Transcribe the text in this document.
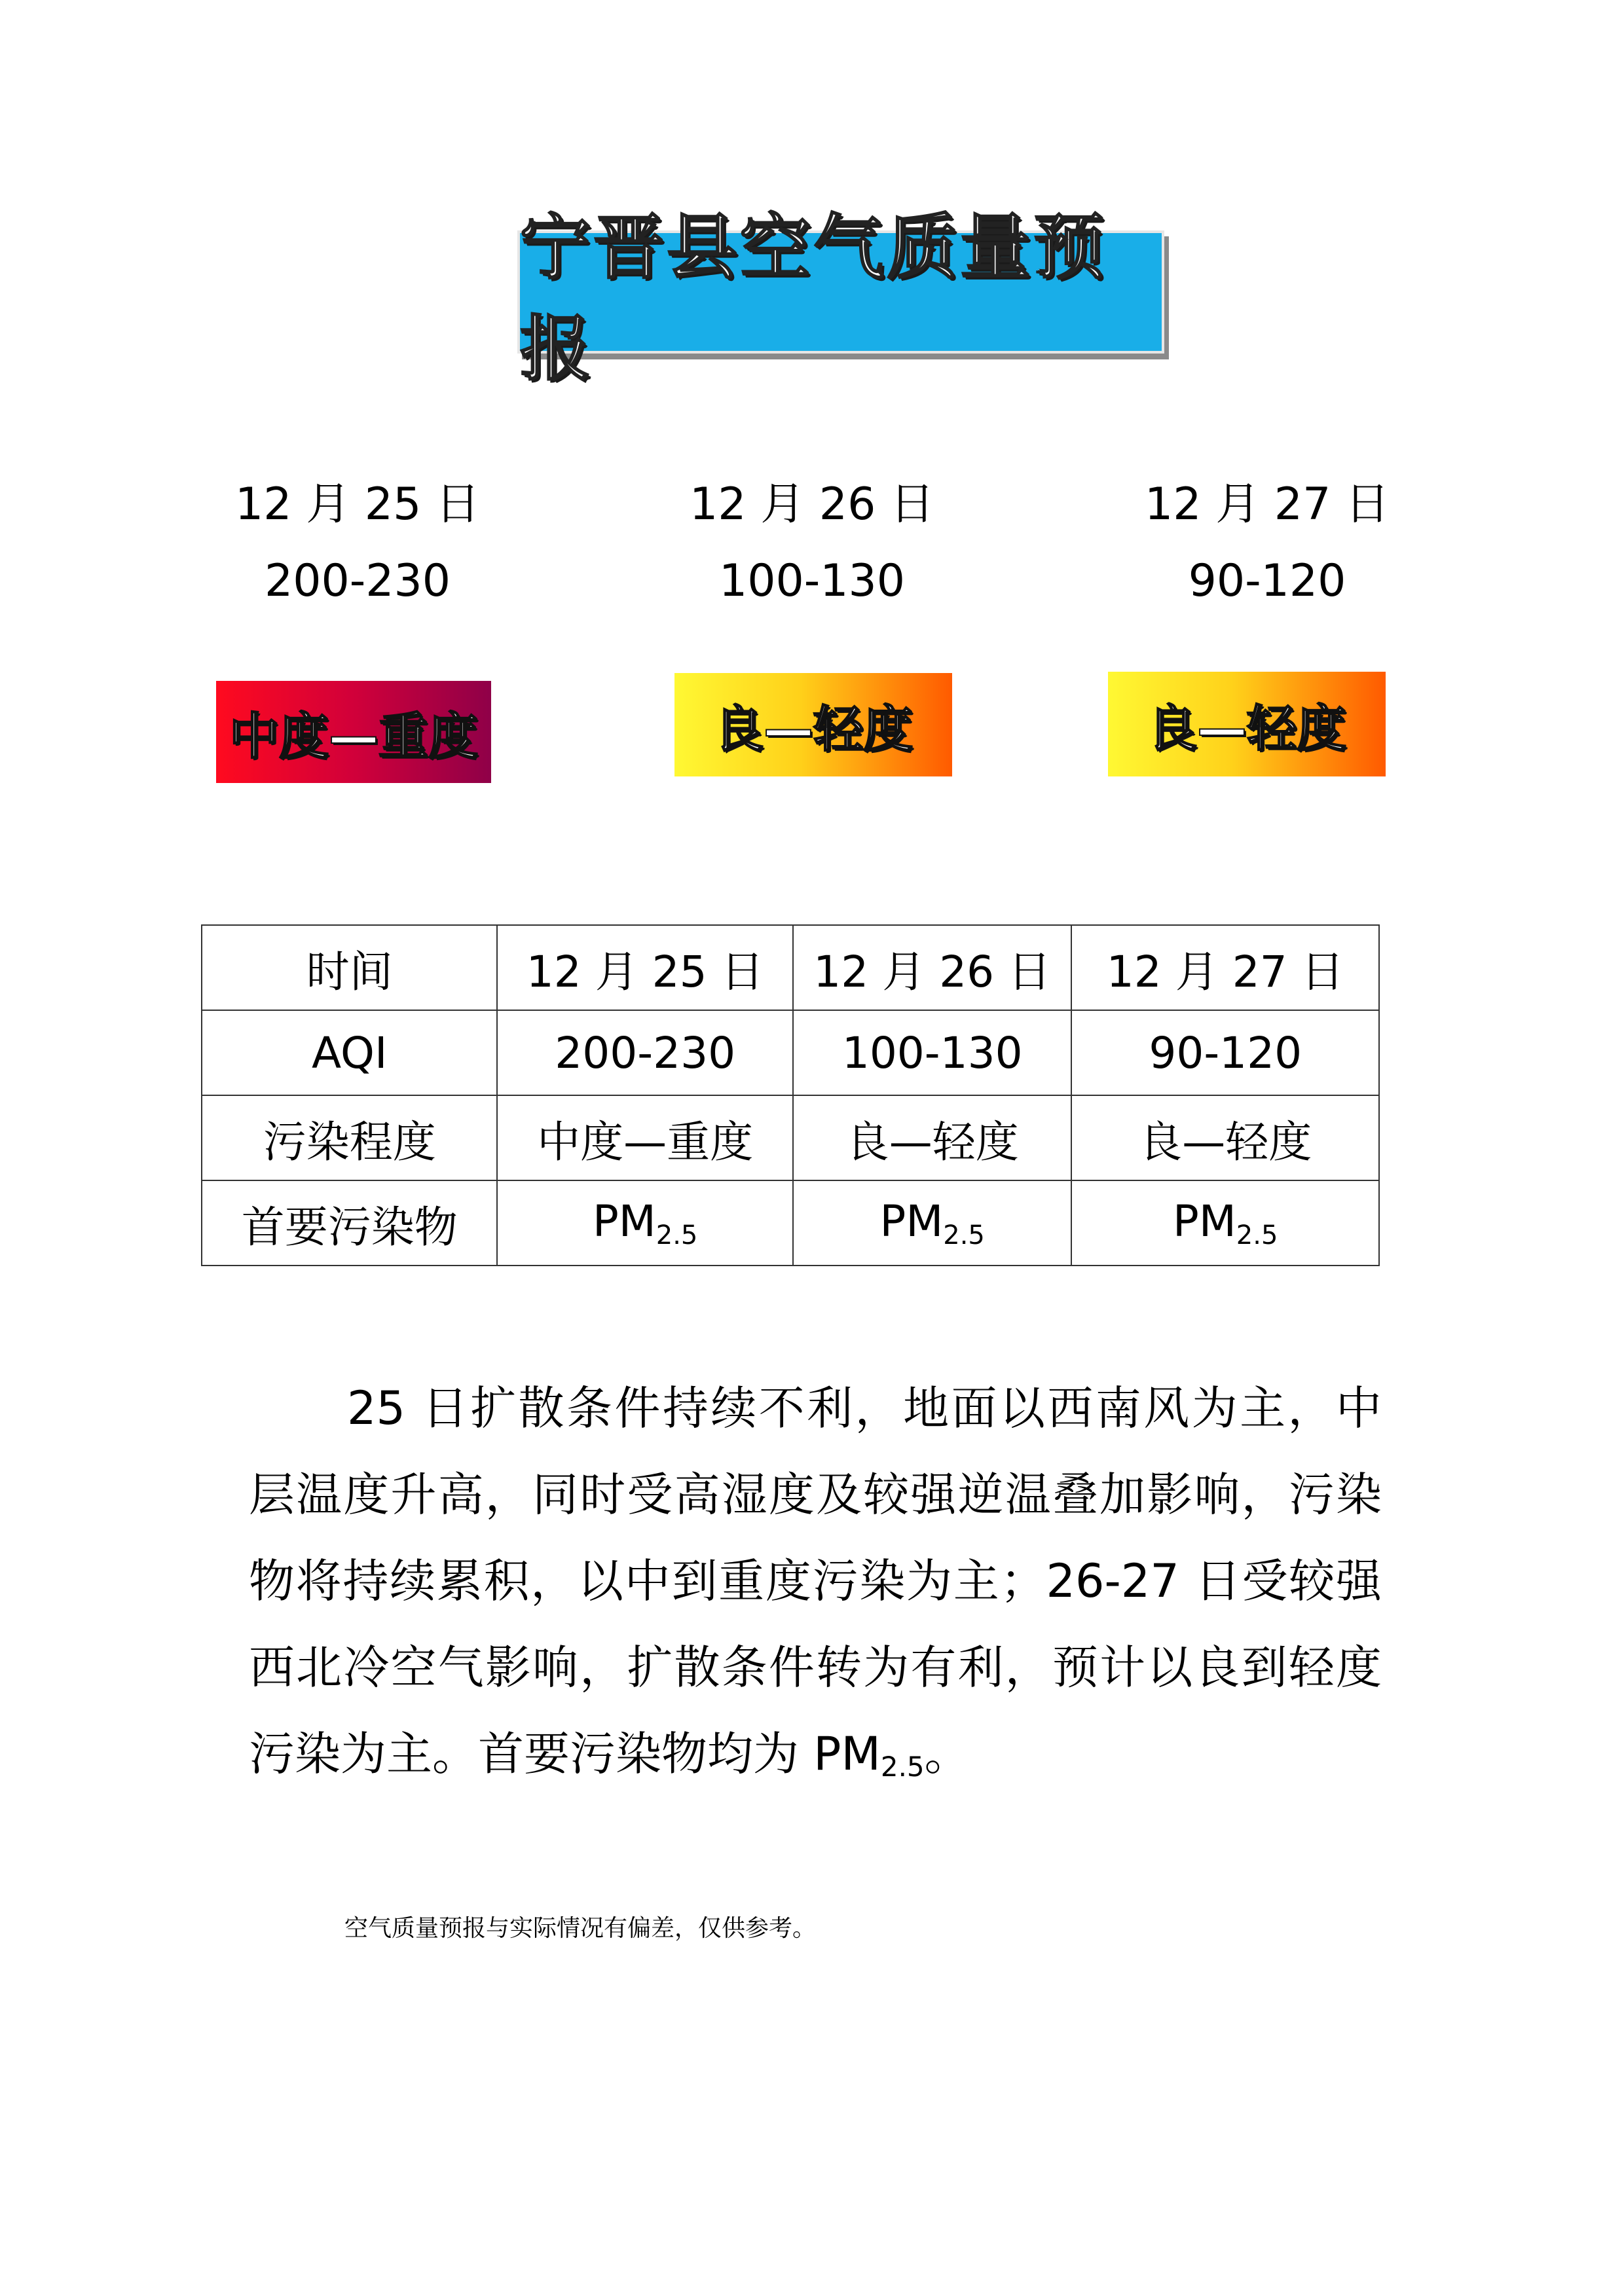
宁晋县空气质量预报
12 月 25 日
200-230
12 月 26 日
100-130
12 月 27 日
90-120
中度—重度	良—轻度	良—轻度
时间	12 月 25 日	12 月 26 日	12 月 27 日
AQI	200-230	100-130	90-120
污染程度	中度—重度	良—轻度	良—轻度
首要污染物	$PM_{2.5}$	$PM_{2.5}$	$PM_{2.5}$
25 日扩散条件持续不利，地面以西南风为主，中层温度升高，同时受高湿度及较强逆温叠加影响，污染物将持续累积，以中到重度污染为主；26-27 日受较强西北冷空气影响，扩散条件转为有利，预计以良到轻度污染为主。首要污染物均为 $PM_{2.5}$。
空气质量预报与实际情况有偏差，仅供参考。
